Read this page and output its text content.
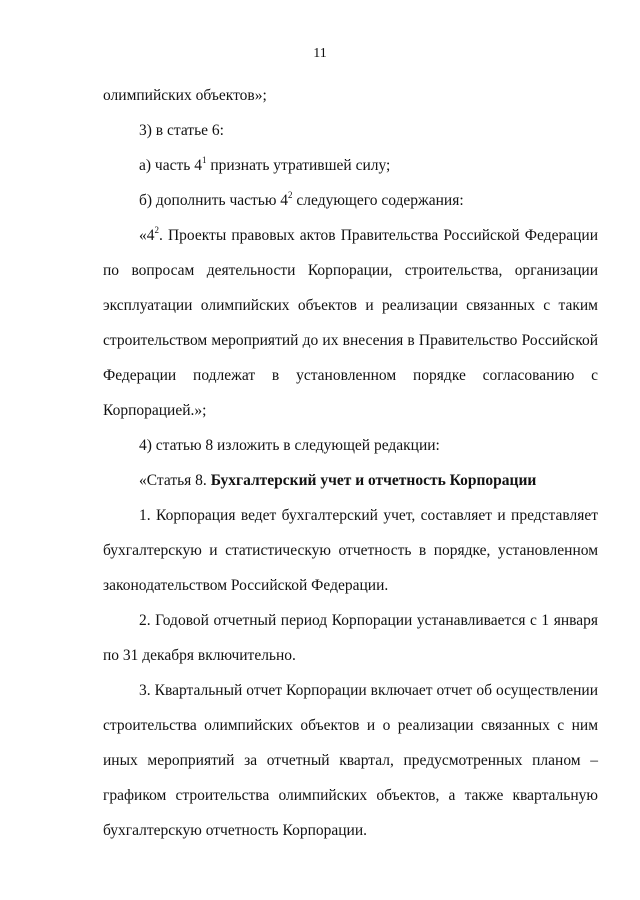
11

олимпийских объектов»;

3) в статье 6:

а) часть $4^1$ признать утратившей силу;

б) дополнить частью $4^2$ следующего содержания:

«$4^2$. Проекты правовых актов Правительства Российской Федерации по вопросам деятельности Корпорации, строительства, организации эксплуатации олимпийских объектов и реализации связанных с таким строительством мероприятий до их внесения в Правительство Российской Федерации подлежат в установленном порядке согласованию с Корпорацией.»;

4) статью 8 изложить в следующей редакции:

«Статья 8. Бухгалтерский учет и отчетность Корпорации

1. Корпорация ведет бухгалтерский учет, составляет и представляет бухгалтерскую и статистическую отчетность в порядке, установленном законодательством Российской Федерации.

2. Годовой отчетный период Корпорации устанавливается с 1 января по 31 декабря включительно.

3. Квартальный отчет Корпорации включает отчет об осуществлении строительства олимпийских объектов и о реализации связанных с ним иных мероприятий за отчетный квартал, предусмотренных планом – графиком строительства олимпийских объектов, а также квартальную бухгалтерскую отчетность Корпорации.
